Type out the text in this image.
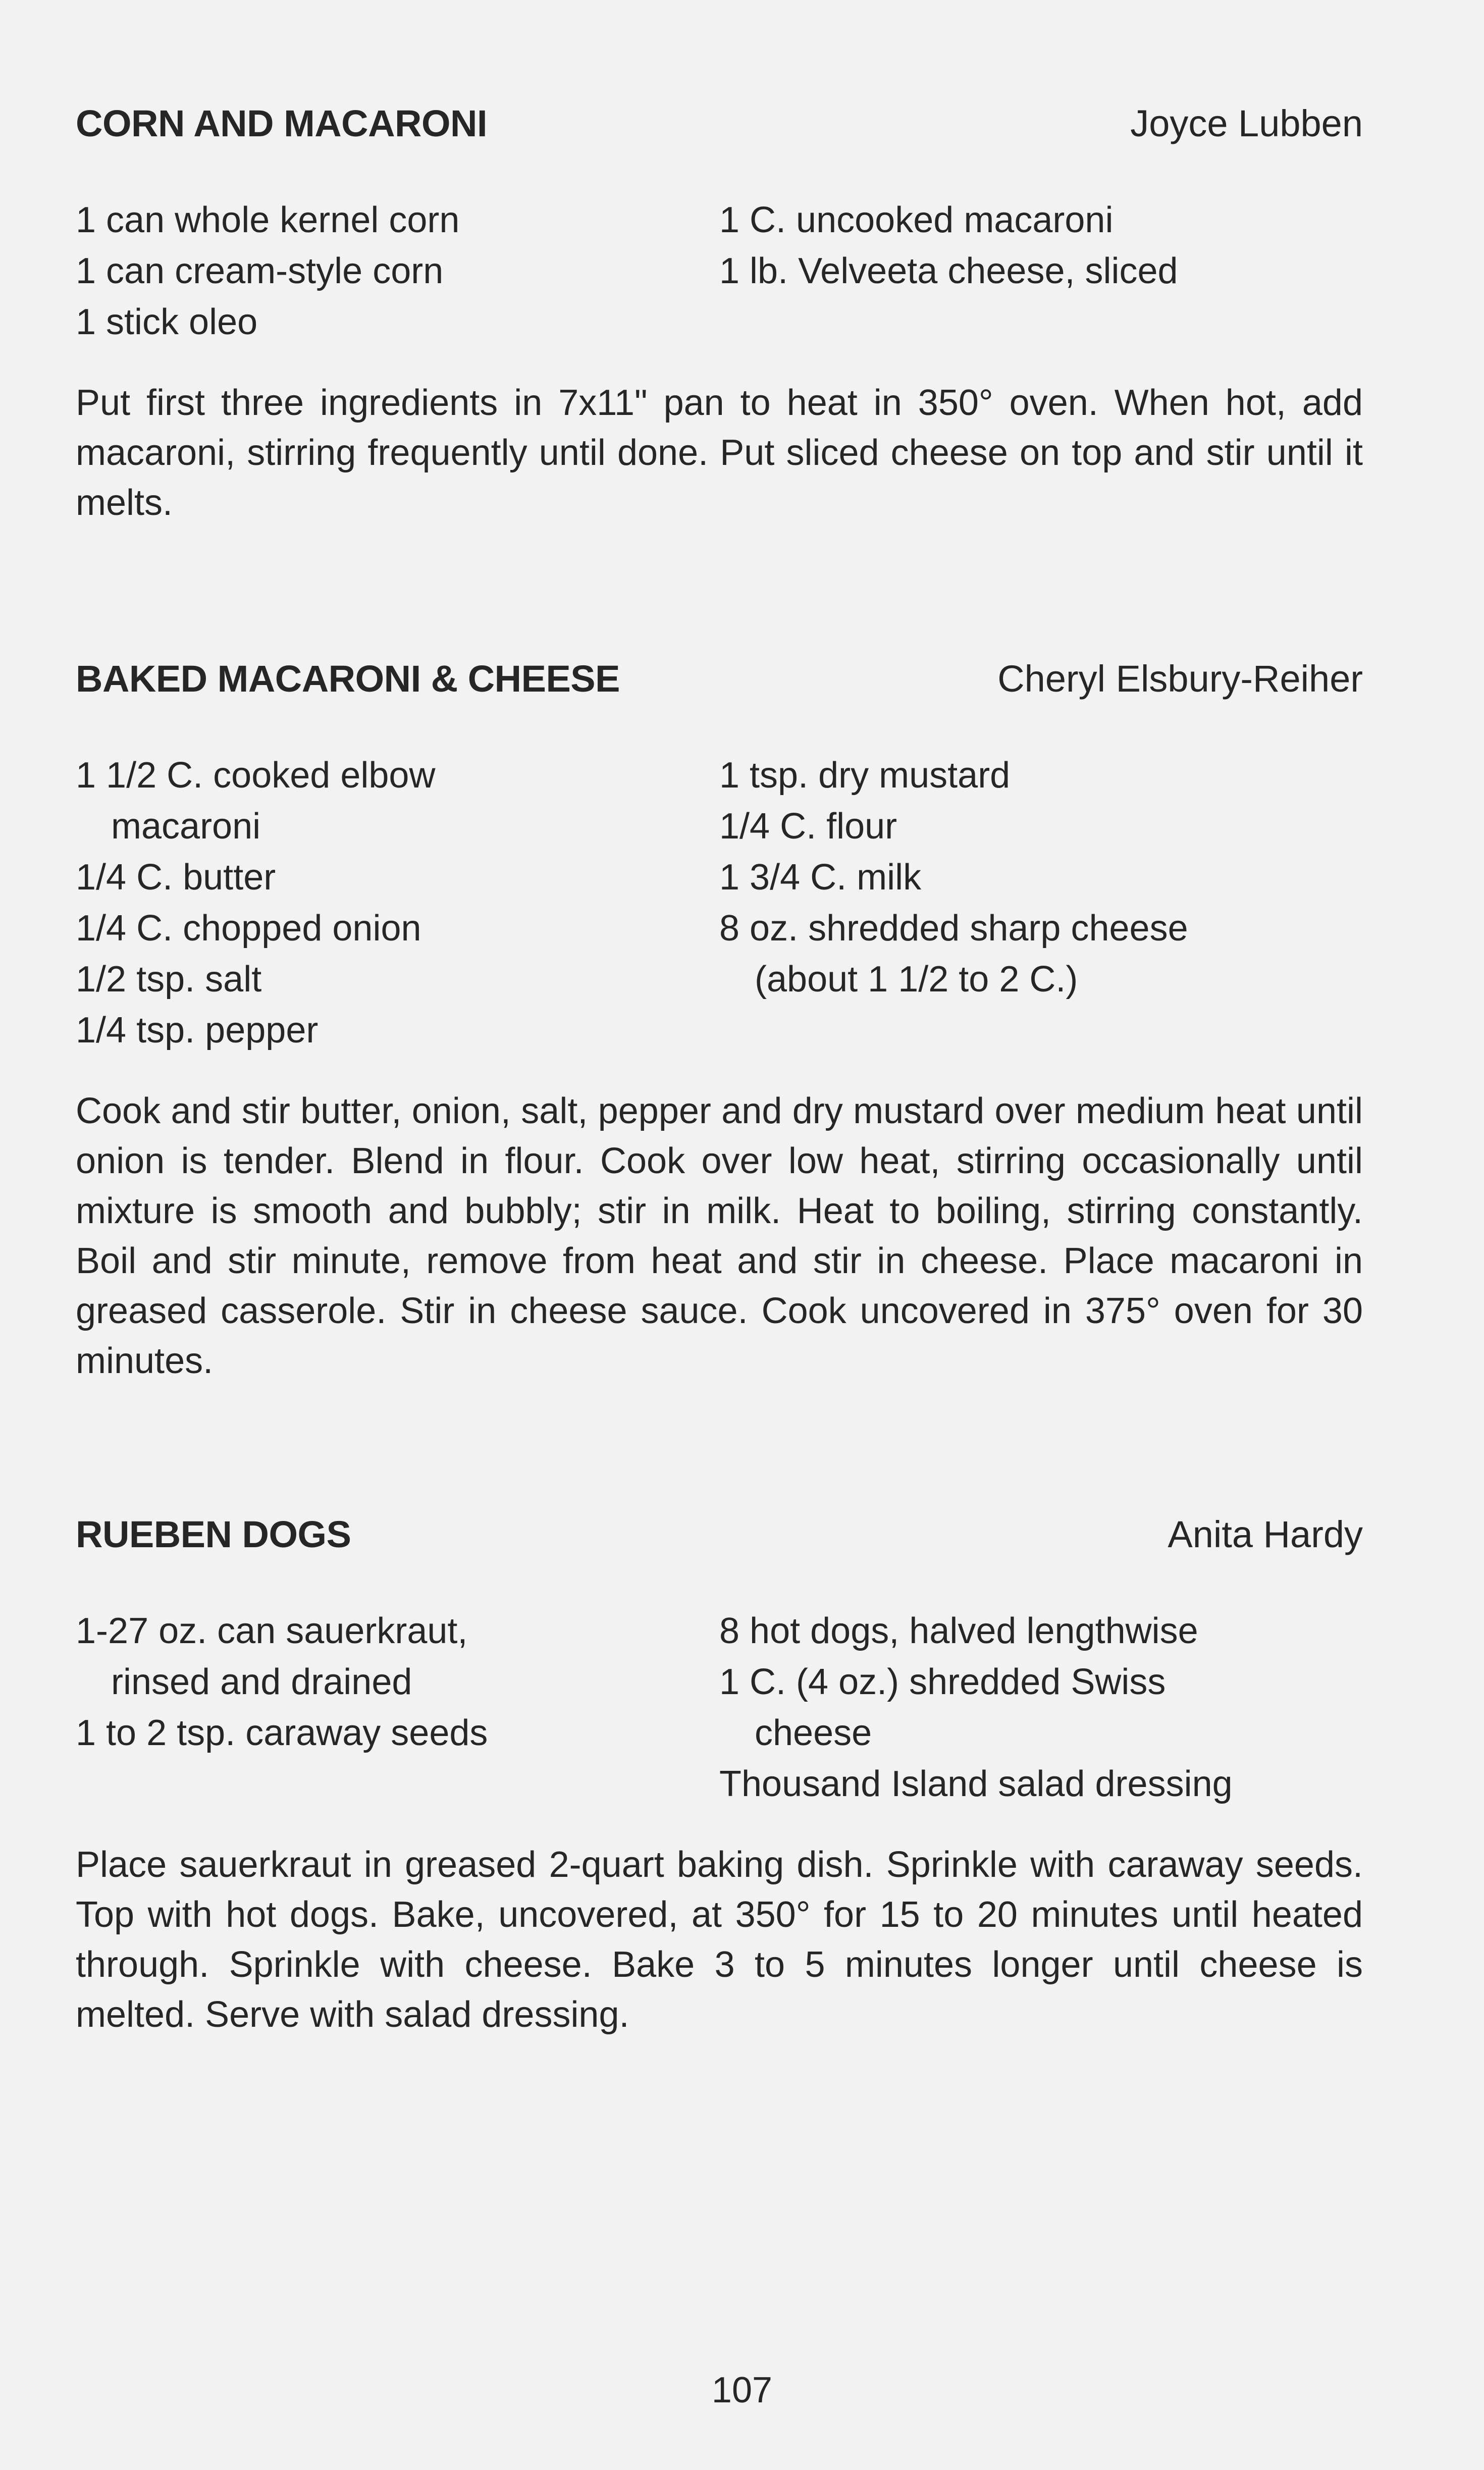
CORN AND MACARONI	Joyce Lubben
1 can whole kernel corn
1 can cream-style corn
1 stick oleo
1 C. uncooked macaroni
1 lb. Velveeta cheese, sliced

Put first three ingredients in 7x11" pan to heat in 350° oven. When hot, add macaroni, stirring frequently until done. Put sliced cheese on top and stir until it melts.

BAKED MACARONI & CHEESE	Cheryl Elsbury-Reiher
1 1/2 C. cooked elbow
macaroni
1/4 C. butter
1/4 C. chopped onion
1/2 tsp. salt
1/4 tsp. pepper
1 tsp. dry mustard
1/4 C. flour
1 3/4 C. milk
8 oz. shredded sharp cheese
(about 1 1/2 to 2 C.)

Cook and stir butter, onion, salt, pepper and dry mustard over medium heat until onion is tender. Blend in flour. Cook over low heat, stirring occasionally until mixture is smooth and bubbly; stir in milk. Heat to boiling, stirring constantly. Boil and stir minute, remove from heat and stir in cheese. Place macaroni in greased casserole. Stir in cheese sauce. Cook uncovered in 375° oven for 30 minutes.

RUEBEN DOGS	Anita Hardy
1-27 oz. can sauerkraut,
rinsed and drained
1 to 2 tsp. caraway seeds
8 hot dogs, halved lengthwise
1 C. (4 oz.) shredded Swiss
cheese
Thousand Island salad dressing

Place sauerkraut in greased 2-quart baking dish. Sprinkle with caraway seeds. Top with hot dogs. Bake, uncovered, at 350° for 15 to 20 minutes until heated through. Sprinkle with cheese. Bake 3 to 5 minutes longer until cheese is melted. Serve with salad dressing.

107
